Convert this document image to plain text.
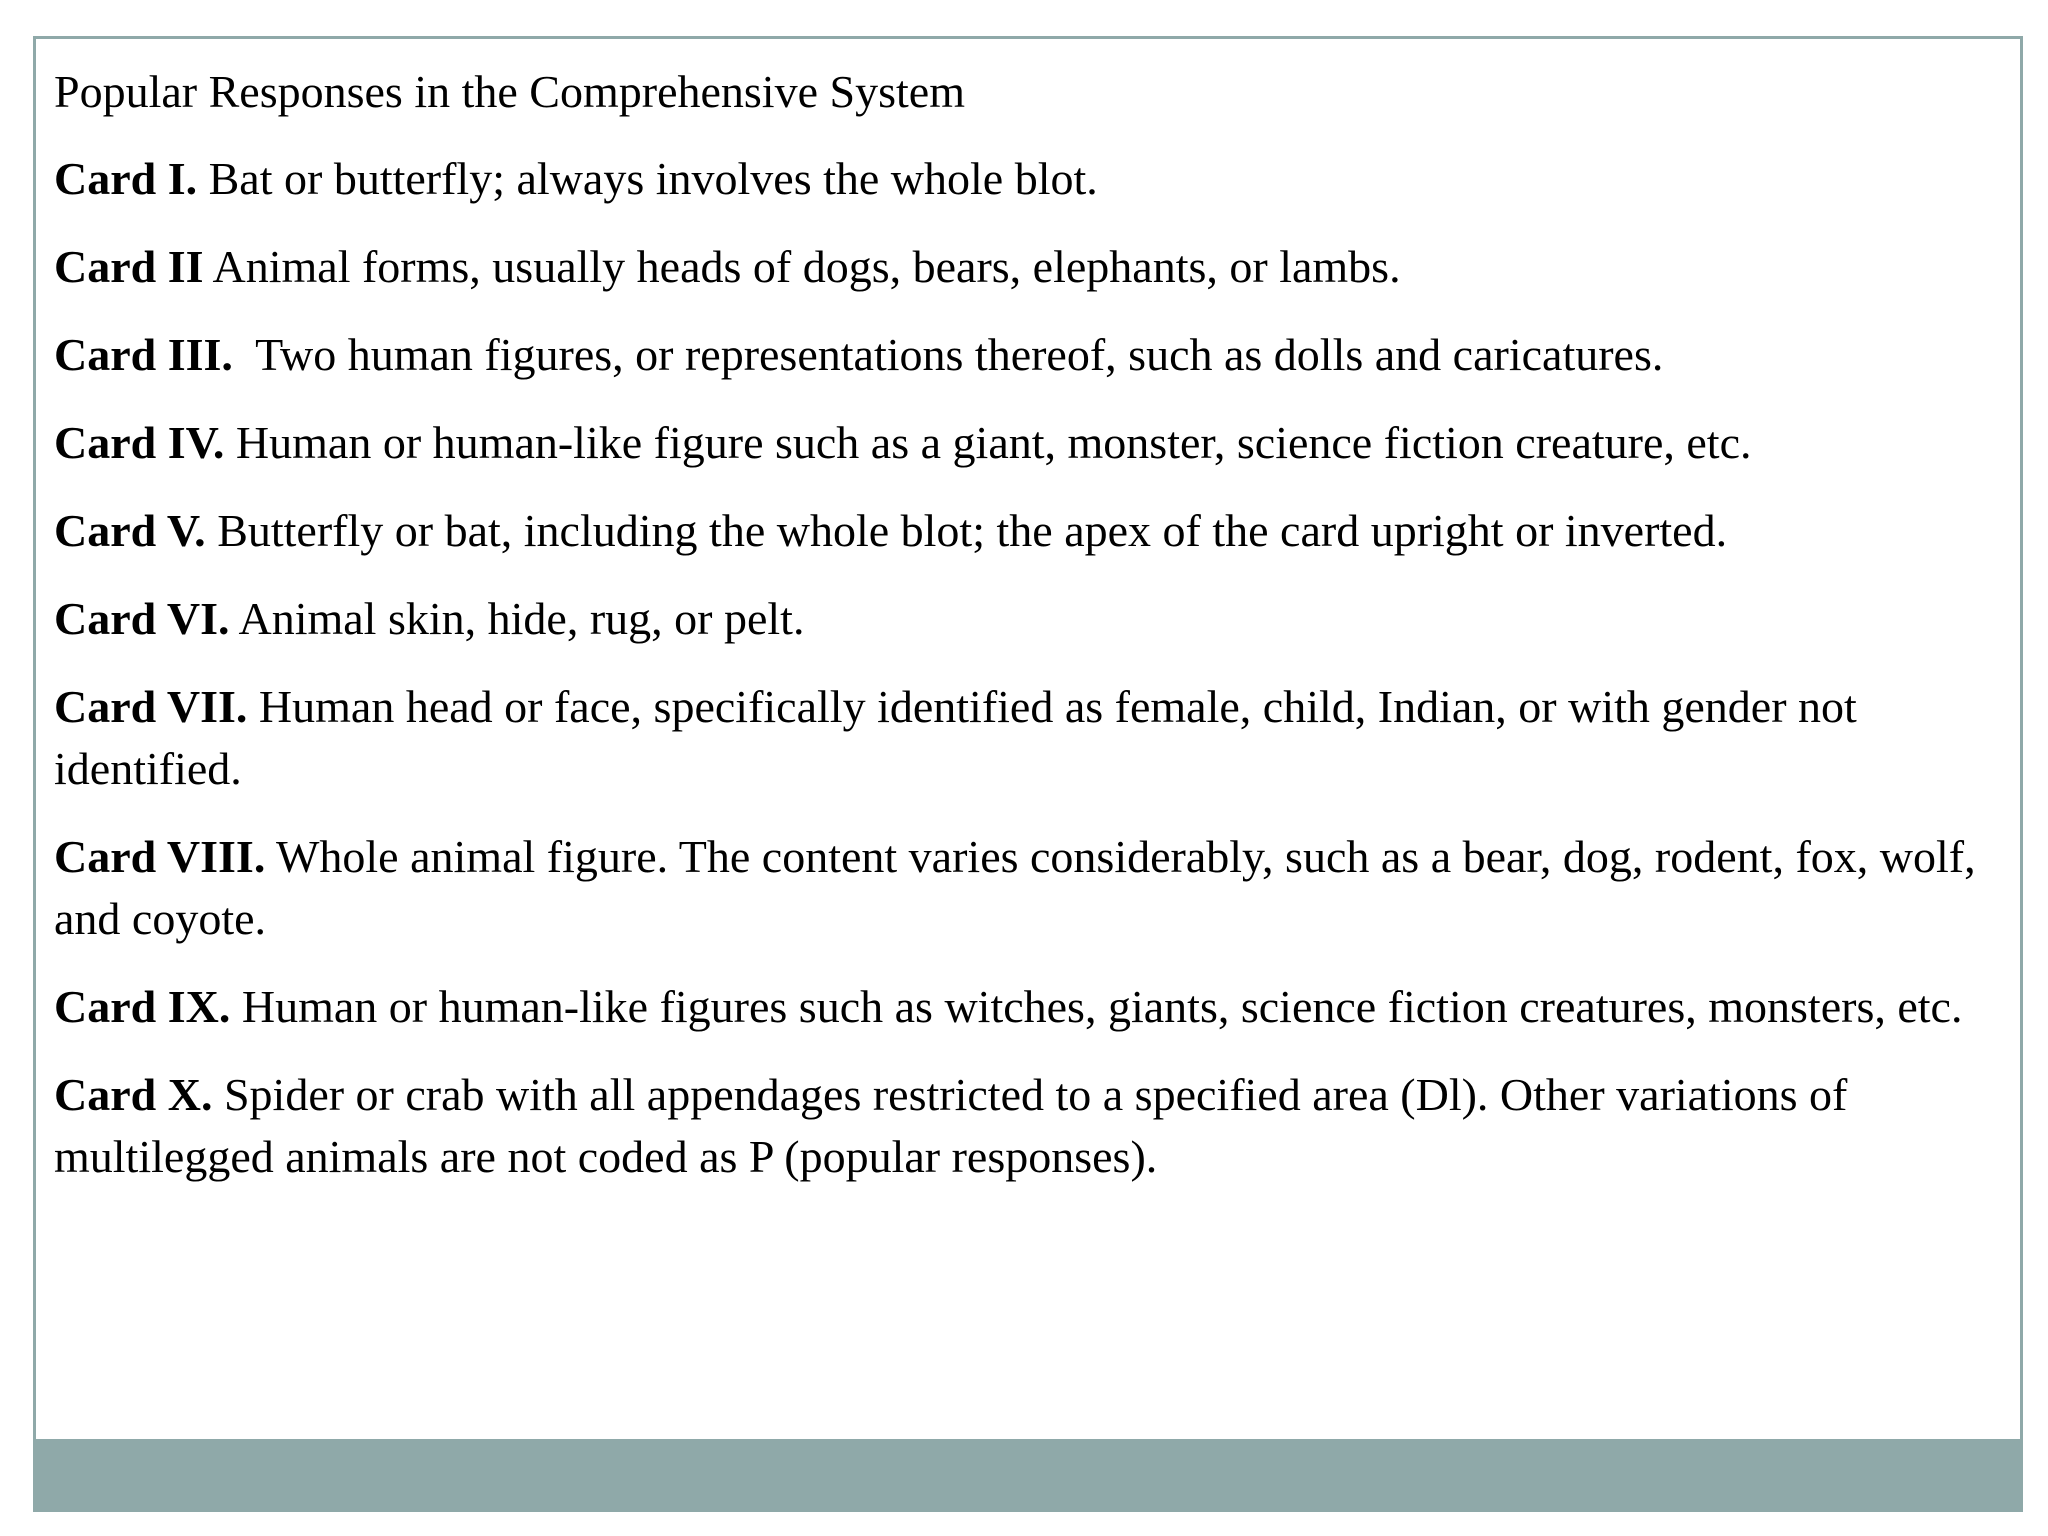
Popular Responses in the Comprehensive System
Card I. Bat or butterfly; always involves the whole blot.
Card II Animal forms, usually heads of dogs, bears, elephants, or lambs.
Card III.  Two human figures, or representations thereof, such as dolls and caricatures.
Card IV. Human or human-like figure such as a giant, monster, science fiction creature, etc.
Card V. Butterfly or bat, including the whole blot; the apex of the card upright or inverted.
Card VI. Animal skin, hide, rug, or pelt.
Card VII. Human head or face, specifically identified as female, child, Indian, or with gender not identified.
Card VIII. Whole animal figure. The content varies considerably, such as a bear, dog, rodent, fox, wolf, and coyote.
Card IX. Human or human-like figures such as witches, giants, science fiction creatures, monsters, etc.
Card X. Spider or crab with all appendages restricted to a specified area (Dl). Other variations of multilegged animals are not coded as P (popular responses).
